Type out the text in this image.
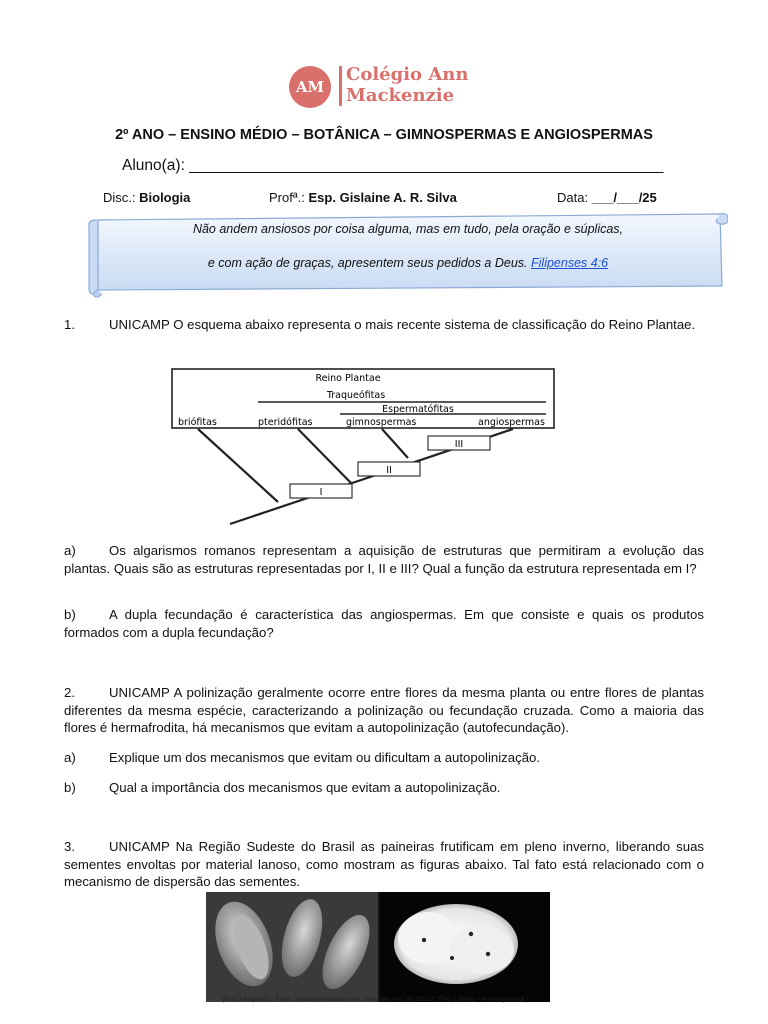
AM
Colégio Ann
Mackenzie
2º ANO – ENSINO MÉDIO – BOTÂNICA – GIMNOSPERMAS E ANGIOSPERMAS
Aluno(a): _______________________________________________________
Disc.: Biologia	Profª.: Esp. Gislaine A. R. Silva	Data: ___/___/25
Não andem ansiosos por coisa alguma, mas em tudo, pela oração e súplicas,
e com ação de graças, apresentem seus pedidos a Deus. Filipenses 4:6
1.	UNICAMP O esquema abaixo representa o mais recente sistema de classificação do Reino Plantae.
Reino Plantae
Traqueófitas
Espermatófitas
briófitas	pteridófitas	gimnospermas	angiospermas
I
II
III
a)	Os algarismos romanos representam a aquisição de estruturas que permitiram a evolução das plantas. Quais são as estruturas representadas por I, II e III? Qual a função da estrutura representada em I?
b)	A dupla fecundação é característica das angiospermas. Em que consiste e quais os produtos formados com a dupla fecundação?
2.	UNICAMP A polinização geralmente ocorre entre flores da mesma planta ou entre flores de plantas diferentes da mesma espécie, caracterizando a polinização ou fecundação cruzada. Como a maioria das flores é hermafrodita, há mecanismos que evitam a autopolinização (autofecundação).
a)	Explique um dos mecanismos que evitam ou dificultam a autopolinização.
b)	Qual a importância dos mecanismos que evitam a autopolinização.
3.	UNICAMP Na Região Sudeste do Brasil as paineiras frutificam em pleno inverno, liberando suas sementes envoltas por material lanoso, como mostram as figuras abaixo. Tal fato está relacionado com o mecanismo de dispersão das sementes.
(Foto à esquerda - Fonte: www.deverdecasa.com. Acessado em 19/12/2012. Foto à direita – Acervo pessoal.)
